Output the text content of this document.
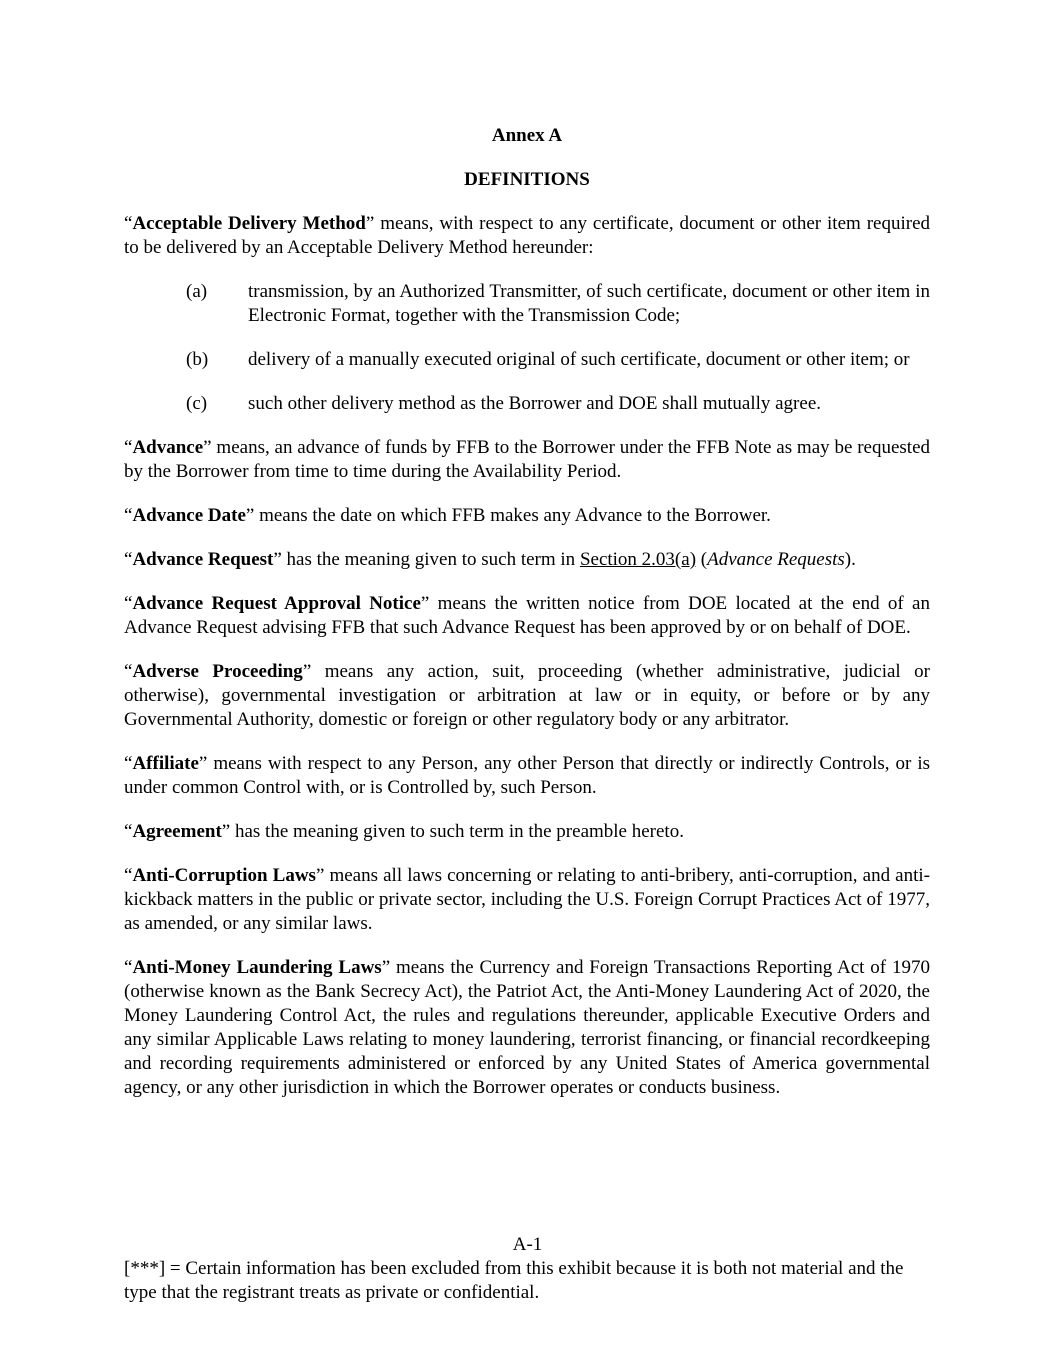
Annex A
DEFINITIONS

“Acceptable Delivery Method” means, with respect to any certificate, document or other item required to be delivered by an Acceptable Delivery Method hereunder:

(a)	transmission, by an Authorized Transmitter, of such certificate, document or other item in Electronic Format, together with the Transmission Code;
(b)	delivery of a manually executed original of such certificate, document or other item; or
(c)	such other delivery method as the Borrower and DOE shall mutually agree.

“Advance” means, an advance of funds by FFB to the Borrower under the FFB Note as may be requested by the Borrower from time to time during the Availability Period.

“Advance Date” means the date on which FFB makes any Advance to the Borrower.

“Advance Request” has the meaning given to such term in Section 2.03(a) (Advance Requests).

“Advance Request Approval Notice” means the written notice from DOE located at the end of an Advance Request advising FFB that such Advance Request has been approved by or on behalf of DOE.

“Adverse Proceeding” means any action, suit, proceeding (whether administrative, judicial or otherwise), governmental investigation or arbitration at law or in equity, or before or by any Governmental Authority, domestic or foreign or other regulatory body or any arbitrator.

“Affiliate” means with respect to any Person, any other Person that directly or indirectly Controls, or is under common Control with, or is Controlled by, such Person.

“Agreement” has the meaning given to such term in the preamble hereto.

“Anti-Corruption Laws” means all laws concerning or relating to anti-bribery, anti-corruption, and anti-kickback matters in the public or private sector, including the U.S. Foreign Corrupt Practices Act of 1977, as amended, or any similar laws.

“Anti-Money Laundering Laws” means the Currency and Foreign Transactions Reporting Act of 1970 (otherwise known as the Bank Secrecy Act), the Patriot Act, the Anti-Money Laundering Act of 2020, the Money Laundering Control Act, the rules and regulations thereunder, applicable Executive Orders and any similar Applicable Laws relating to money laundering, terrorist financing, or financial recordkeeping and recording requirements administered or enforced by any United States of America governmental agency, or any other jurisdiction in which the Borrower operates or conducts business.

A-1
[***] = Certain information has been excluded from this exhibit because it is both not material and the type that the registrant treats as private or confidential.
